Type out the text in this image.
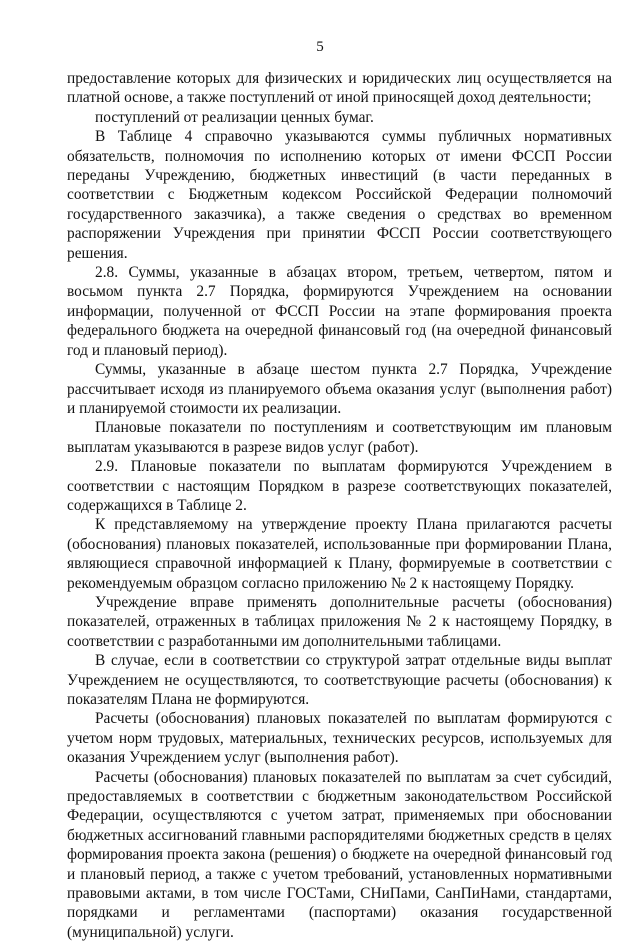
5

предоставление которых для физических и юридических лиц осуществляется на платной основе, а также поступлений от иной приносящей доход деятельности;

поступлений от реализации ценных бумаг.

В Таблице 4 справочно указываются суммы публичных нормативных обязательств, полномочия по исполнению которых от имени ФССП России переданы Учреждению, бюджетных инвестиций (в части переданных в соответствии с Бюджетным кодексом Российской Федерации полномочий государственного заказчика), а также сведения о средствах во временном распоряжении Учреждения при принятии ФССП России соответствующего решения.

2.8. Суммы, указанные в абзацах втором, третьем, четвертом, пятом и восьмом пункта 2.7 Порядка, формируются Учреждением на основании информации, полученной от ФССП России на этапе формирования проекта федерального бюджета на очередной финансовый год (на очередной финансовый год и плановый период).

Суммы, указанные в абзаце шестом пункта 2.7 Порядка, Учреждение рассчитывает исходя из планируемого объема оказания услуг (выполнения работ) и планируемой стоимости их реализации.

Плановые показатели по поступлениям и соответствующим им плановым выплатам указываются в разрезе видов услуг (работ).

2.9. Плановые показатели по выплатам формируются Учреждением в соответствии с настоящим Порядком в разрезе соответствующих показателей, содержащихся в Таблице 2.

К представляемому на утверждение проекту Плана прилагаются расчеты (обоснования) плановых показателей, использованные при формировании Плана, являющиеся справочной информацией к Плану, формируемые в соответствии с рекомендуемым образцом согласно приложению № 2 к настоящему Порядку.

Учреждение вправе применять дополнительные расчеты (обоснования) показателей, отраженных в таблицах приложения № 2 к настоящему Порядку, в соответствии с разработанными им дополнительными таблицами.

В случае, если в соответствии со структурой затрат отдельные виды выплат Учреждением не осуществляются, то соответствующие расчеты (обоснования) к показателям Плана не формируются.

Расчеты (обоснования) плановых показателей по выплатам формируются с учетом норм трудовых, материальных, технических ресурсов, используемых для оказания Учреждением услуг (выполнения работ).

Расчеты (обоснования) плановых показателей по выплатам за счет субсидий, предоставляемых в соответствии с бюджетным законодательством Российской Федерации, осуществляются с учетом затрат, применяемых при обосновании бюджетных ассигнований главными распорядителями бюджетных средств в целях формирования проекта закона (решения) о бюджете на очередной финансовый год и плановый период, а также с учетом требований, установленных нормативными правовыми актами, в том числе ГОСТами, СНиПами, СанПиНами, стандартами, порядками и регламентами (паспортами) оказания государственной (муниципальной) услуги.
